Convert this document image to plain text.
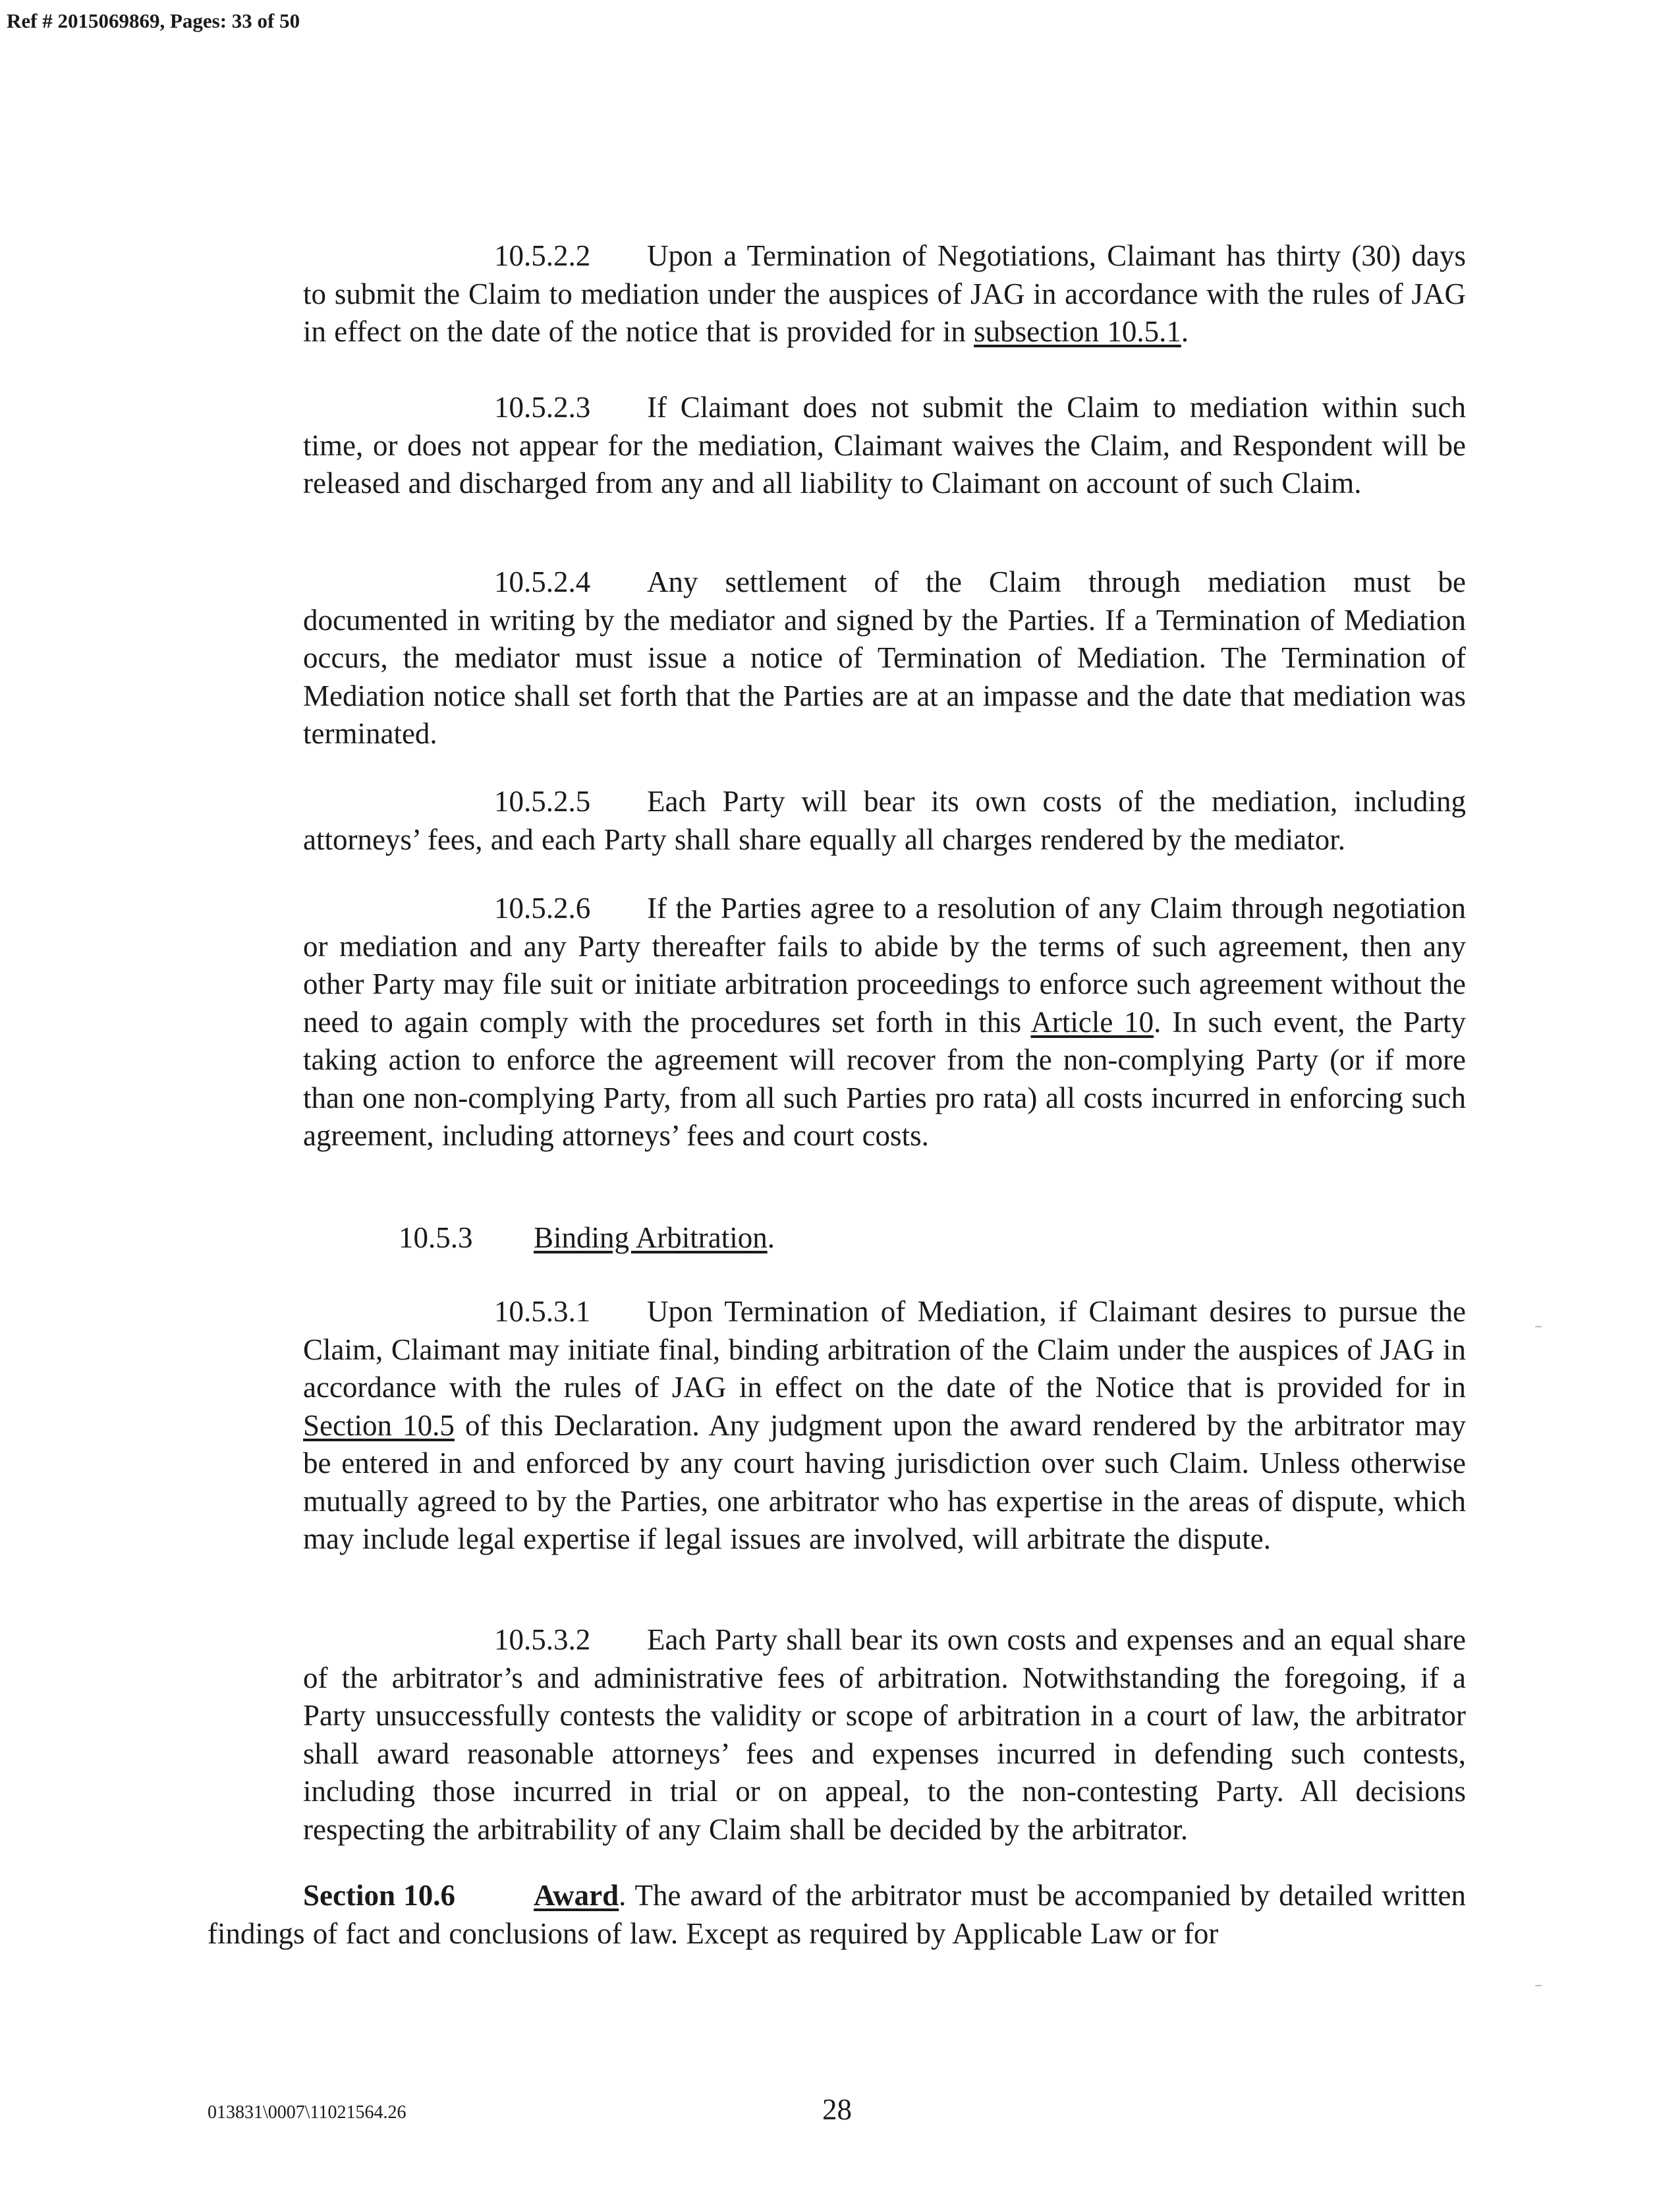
Ref # 2015069869, Pages: 33 of 50
10.5.2.2 Upon a Termination of Negotiations, Claimant has thirty (30) days to submit the Claim to mediation under the auspices of JAG in accordance with the rules of JAG in effect on the date of the notice that is provided for in subsection 10.5.1.
10.5.2.3 If Claimant does not submit the Claim to mediation within such time, or does not appear for the mediation, Claimant waives the Claim, and Respondent will be released and discharged from any and all liability to Claimant on account of such Claim.
10.5.2.4 Any settlement of the Claim through mediation must be documented in writing by the mediator and signed by the Parties. If a Termination of Mediation occurs, the mediator must issue a notice of Termination of Mediation. The Termination of Mediation notice shall set forth that the Parties are at an impasse and the date that mediation was terminated.
10.5.2.5 Each Party will bear its own costs of the mediation, including attorneys’ fees, and each Party shall share equally all charges rendered by the mediator.
10.5.2.6 If the Parties agree to a resolution of any Claim through negotiation or mediation and any Party thereafter fails to abide by the terms of such agreement, then any other Party may file suit or initiate arbitration proceedings to enforce such agreement without the need to again comply with the procedures set forth in this Article 10. In such event, the Party taking action to enforce the agreement will recover from the non-complying Party (or if more than one non-complying Party, from all such Parties pro rata) all costs incurred in enforcing such agreement, including attorneys’ fees and court costs.
10.5.3 Binding Arbitration.
10.5.3.1 Upon Termination of Mediation, if Claimant desires to pursue the Claim, Claimant may initiate final, binding arbitration of the Claim under the auspices of JAG in accordance with the rules of JAG in effect on the date of the Notice that is provided for in Section 10.5 of this Declaration. Any judgment upon the award rendered by the arbitrator may be entered in and enforced by any court having jurisdiction over such Claim. Unless otherwise mutually agreed to by the Parties, one arbitrator who has expertise in the areas of dispute, which may include legal expertise if legal issues are involved, will arbitrate the dispute.
10.5.3.2 Each Party shall bear its own costs and expenses and an equal share of the arbitrator’s and administrative fees of arbitration. Notwithstanding the foregoing, if a Party unsuccessfully contests the validity or scope of arbitration in a court of law, the arbitrator shall award reasonable attorneys’ fees and expenses incurred in defending such contests, including those incurred in trial or on appeal, to the non-contesting Party. All decisions respecting the arbitrability of any Claim shall be decided by the arbitrator.
Section 10.6	Award. The award of the arbitrator must be accompanied by detailed written findings of fact and conclusions of law. Except as required by Applicable Law or for
013831\0007\11021564.26	28
